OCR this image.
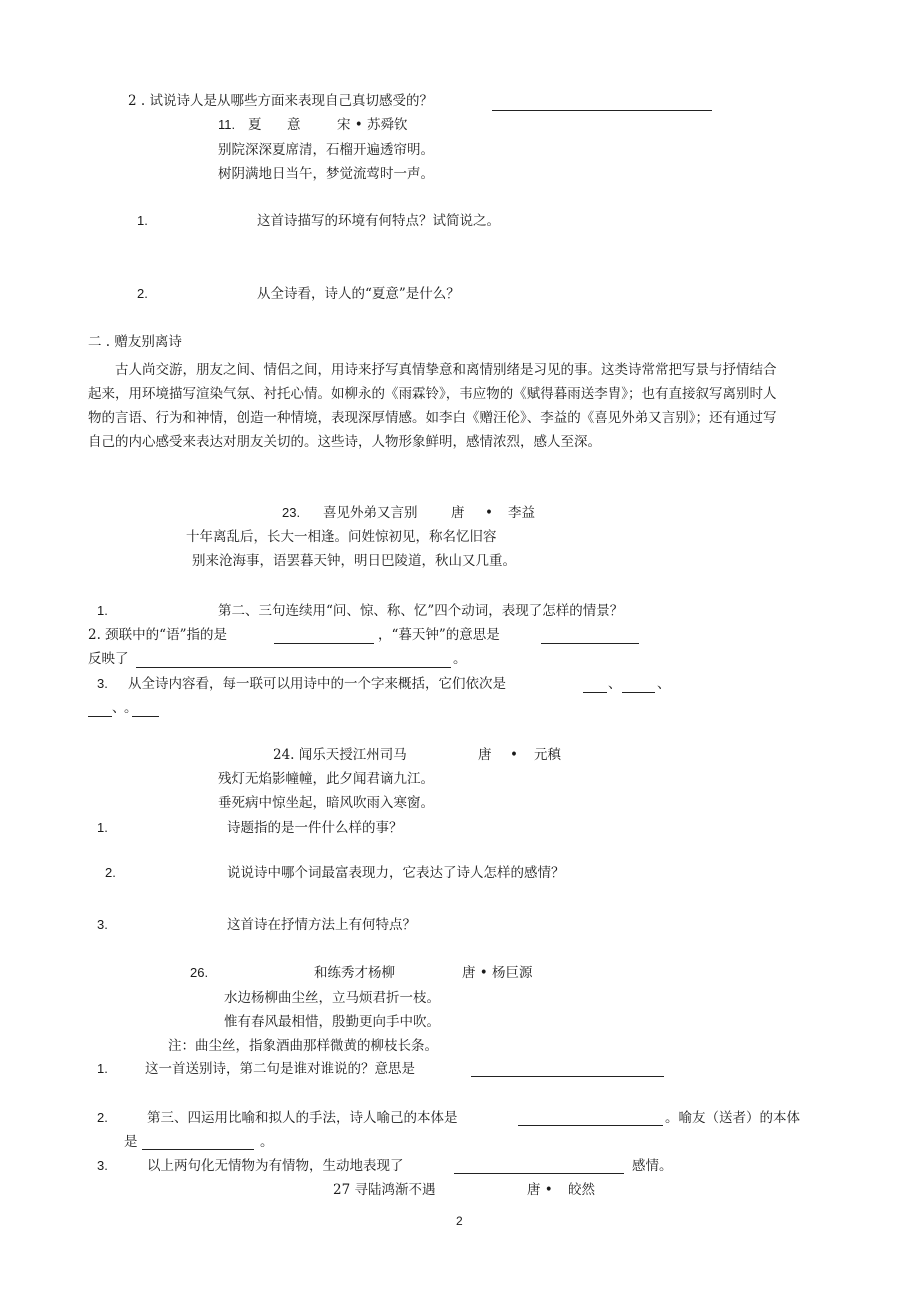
2 . 试说诗人是从哪些方面来表现自己真切感受的？
11. 夏 意	宋 • 苏舜钦
别院深深夏席清，石榴开遍透帘明。
树阴满地日当午，梦觉流莺时一声。
1.	这首诗描写的环境有何特点？试简说之。
2.	从全诗看，诗人的“夏意”是什么？
二 . 赠友别离诗
古人尚交游，朋友之间、情侣之间，用诗来抒写真情挚意和离情别绪是习见的事。这类诗常常把写景与抒情结合起来，用环境描写渲染气氛、衬托心情。如柳永的《雨霖铃》，韦应物的《赋得暮雨送李胄》；也有直接叙写离别时人物的言语、行为和神情，创造一种情境，表现深厚情感。如李白《赠汪伦》、李益的《喜见外弟又言别》；还有通过写自己的内心感受来表达对朋友关切的。这些诗，人物形象鲜明，感情浓烈，感人至深。
23. 喜见外弟又言别 唐 • 李益
十年离乱后，长大一相逢。问姓惊初见，称名忆旧容
别来沧海事，语罢暮天钟，明日巴陵道，秋山又几重。
1.	第二、三句连续用“问、惊、称、忆”四个动词，表现了怎样的情景？
2. 颈联中的“语”指的是	，“暮天钟”的意思是
反映了	。
3. 从全诗内容看，每一联可以用诗中的一个字来概括，它们依次是	、	、
、
。
24. 闻乐天授江州司马	唐 • 元稹
残灯无焰影幢幢，此夕闻君谪九江。
垂死病中惊坐起，暗风吹雨入寒窗。
1.	诗题指的是一件什么样的事？
2.	说说诗中哪个词最富表现力，它表达了诗人怎样的感情？
3.	这首诗在抒情方法上有何特点？
26.	和练秀才杨柳	唐 • 杨巨源
水边杨柳曲尘丝，立马烦君折一枝。
惟有春风最相惜，殷勤更向手中吹。
注：曲尘丝，指象酒曲那样微黄的柳枝长条。
1.	这一首送别诗，第二句是谁对谁说的？意思是
2.	第三、四运用比喻和拟人的手法，诗人喻己的本体是	。喻友（送者）的本体
是	。
3.	以上两句化无情物为有情物，生动地表现了	感情。
27 寻陆鸿渐不遇	唐 • 皎然
2
